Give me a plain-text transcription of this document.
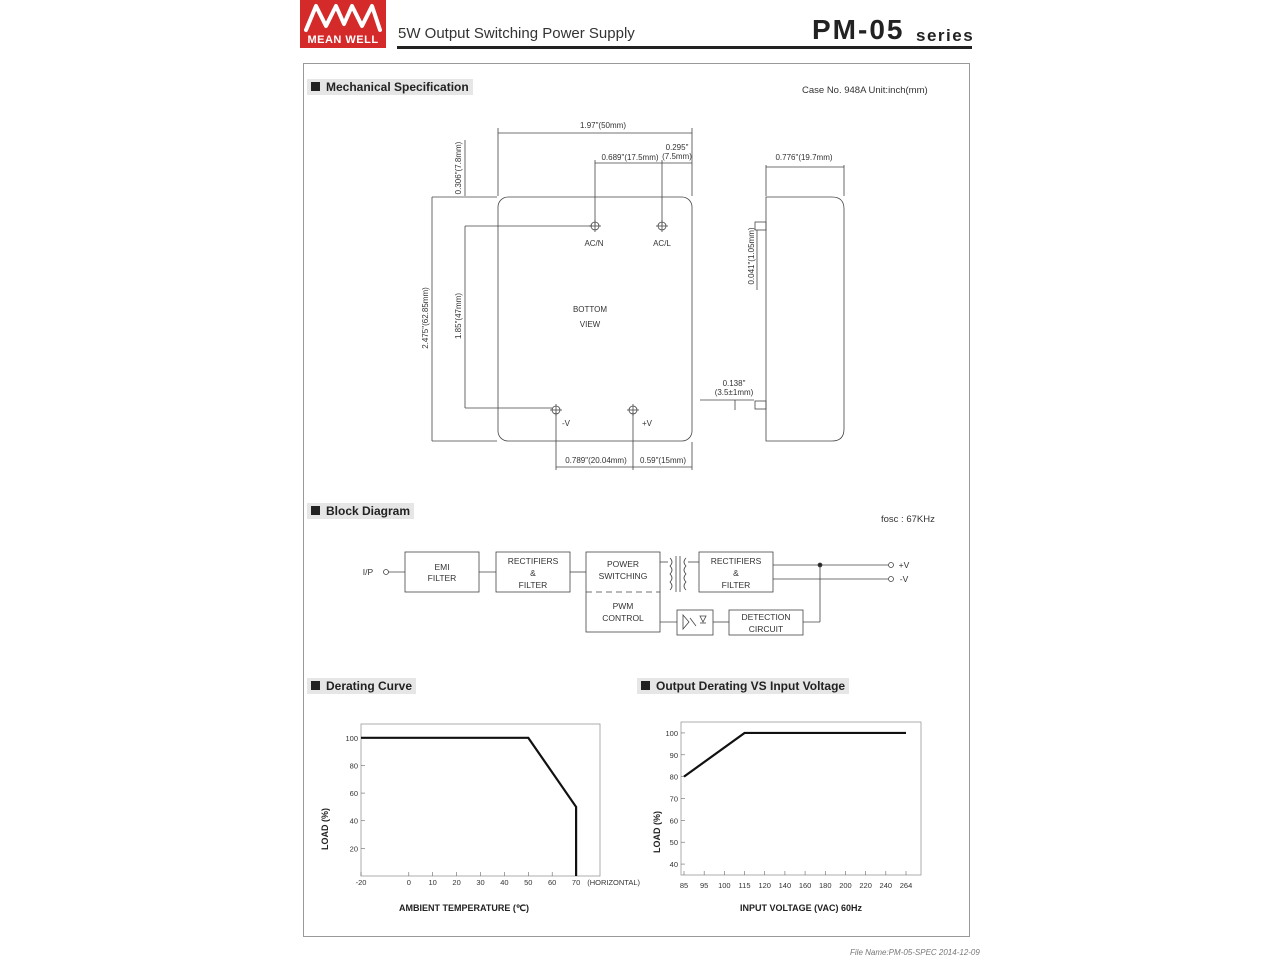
MEAN WELL	5W Output Switching Power Supply	PM-05 series
Mechanical Specification	Case No. 948A Unit:inch(mm)
1.97"(50mm)
0.689"(17.5mm)
0.295"
(7.5mm)	0.776"(19.7mm)
AC/N	AC/L
BOTTOM
VIEW
-V	+V
0.789"(20.04mm) 0.59"(15mm)
0.138"
(3.5±1mm)
0.306"(7.8mm)
2.475"(62.85mm)	1.85"(47mm)
0.041"(1.05mm)
Block Diagram
fosc : 67KHz
I/P	EMI
FILTER
RECTIFIERS
&
FILTER
POWER
SWITCHING
PWM
CONTROL
RECTIFIERS
&
FILTER
DETECTION
CIRCUIT
+V
-V
Derating Curve
20
40
60
80
100
-20	0 10 20 30 40 50 60 70 (HORIZONTAL)
AMBIENT TEMPERATURE (℃)
LOAD (%)
Output Derating VS Input Voltage
40
50
60
70
80
90
100
85 95 100 115 120 140 160 180 200 220 240 264
INPUT VOLTAGE (VAC) 60Hz
LOAD (%)
File Name:PM-05-SPEC 2014-12-09
